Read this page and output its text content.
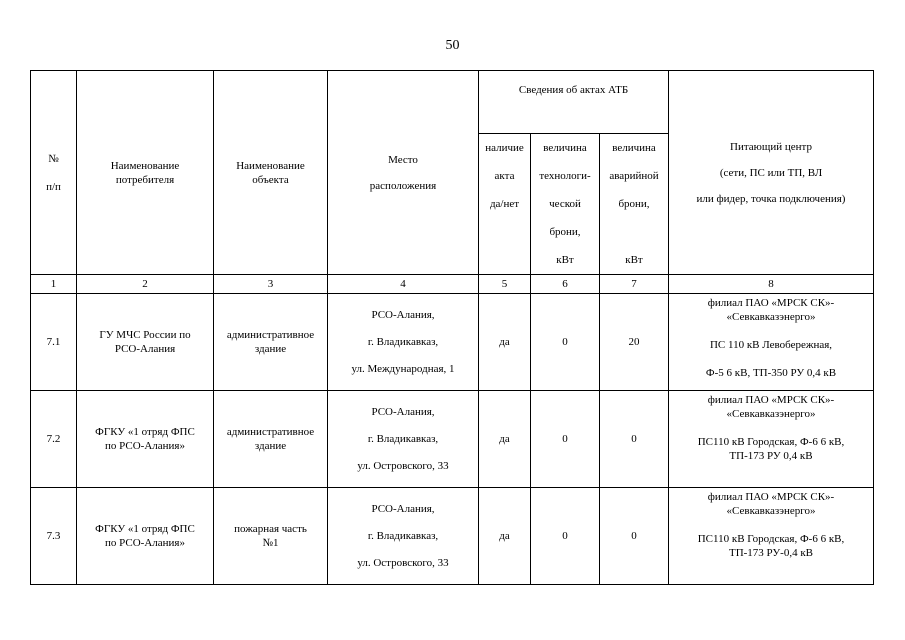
50
№
п/п	Наименование
потребителя	Наименование
объекта	Место
расположения	Сведения об актах АТБ			Питающий центр
(сети, ПС или ТП, ВЛ
или фидер, точка подключения)

				наличие
акта
да/нет	величина
технологи-
ческой
брони,
кВт	величина
аварийной
брони,
кВт	

1	2	3	4	5	6	7	8
7.1	ГУ МЧС России по
РСО-Алания	административное
здание	РСО-Алания,
г. Владикавказ,
ул. Международная, 1	да	0	20	филиал ПАО «МРСК СК»-
«Севкавказэнерго»
ПС 110 кВ Левобережная,
Ф-5 6 кВ, ТП-350 РУ 0,4 кВ

7.2	ФГКУ «1 отряд ФПС
по РСО-Алания»	административное
здание	РСО-Алания,
г. Владикавказ,
ул. Островского, 33	да	0	0	филиал ПАО «МРСК СК»-
«Севкавказэнерго»
ПС110 кВ Городская, Ф-6 6 кВ,
ТП-173 РУ 0,4 кВ

7.3	ФГКУ «1 отряд ФПС
по РСО-Алания»	пожарная часть
№1	РСО-Алания,
г. Владикавказ,
ул. Островского, 33	да	0	0	филиал ПАО «МРСК СК»-
«Севкавказэнерго»
ПС110 кВ Городская, Ф-6 6 кВ,
ТП-173 РУ-0,4 кВ
